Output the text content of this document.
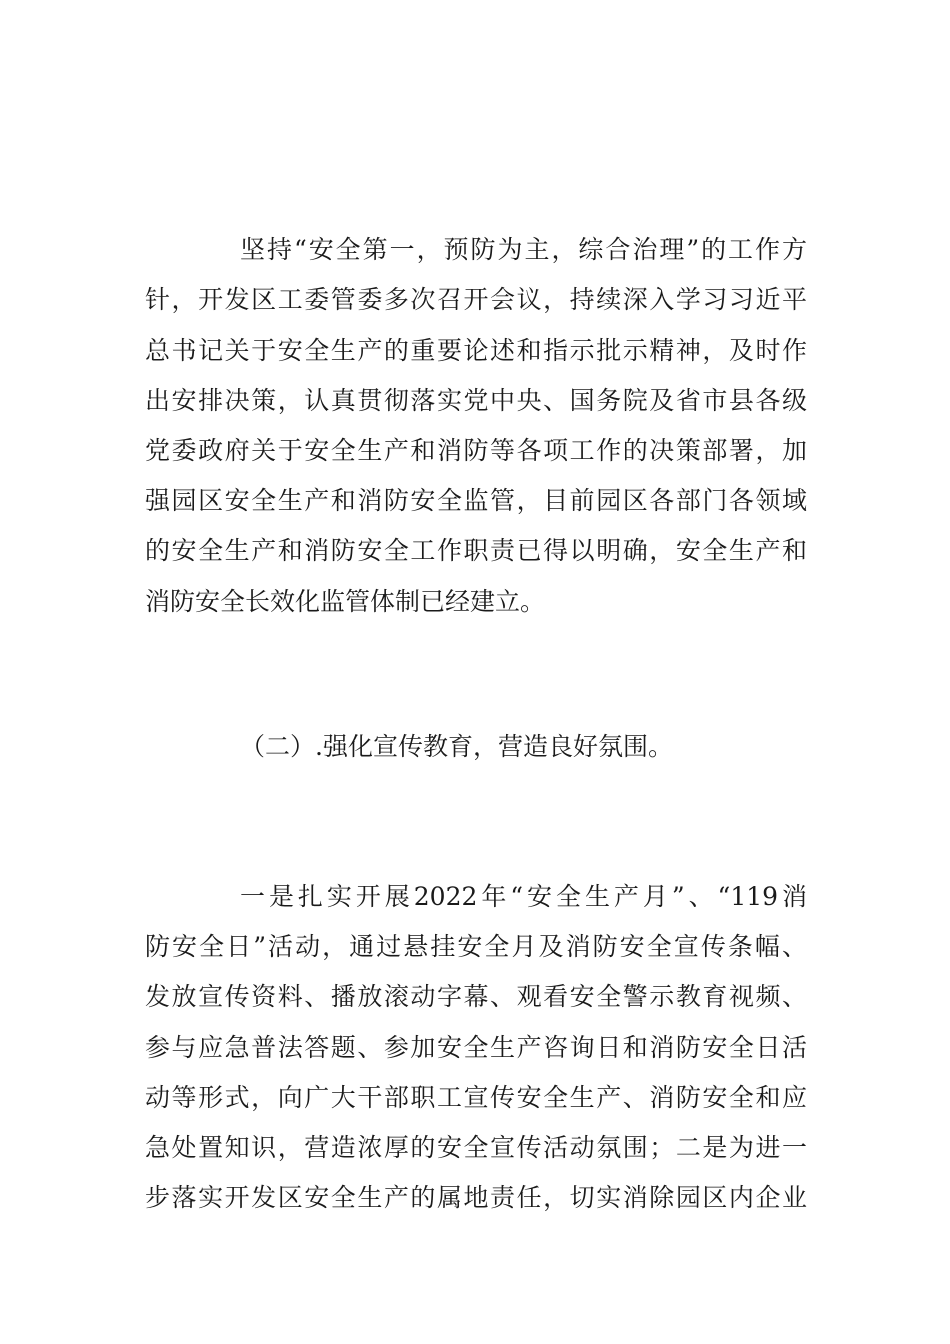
坚持“安全第一，预防为主，综合治理”的工作方
针，开发区工委管委多次召开会议，持续深入学习习近平
总书记关于安全生产的重要论述和指示批示精神，及时作
出安排决策，认真贯彻落实党中央、国务院及省市县各级
党委政府关于安全生产和消防等各项工作的决策部署，加
强园区安全生产和消防安全监管，目前园区各部门各领域
的安全生产和消防安全工作职责已得以明确，安全生产和
消防安全长效化监管体制已经建立。
（二）.强化宣传教育，营造良好氛围。
一是扎实开展2022年“安全生产月”、“119消
防安全日”活动，通过悬挂安全月及消防安全宣传条幅、
发放宣传资料、播放滚动字幕、观看安全警示教育视频、
参与应急普法答题、参加安全生产咨询日和消防安全日活
动等形式，向广大干部职工宣传安全生产、消防安全和应
急处置知识，营造浓厚的安全宣传活动氛围；二是为进一
步落实开发区安全生产的属地责任，切实消除园区内企业
